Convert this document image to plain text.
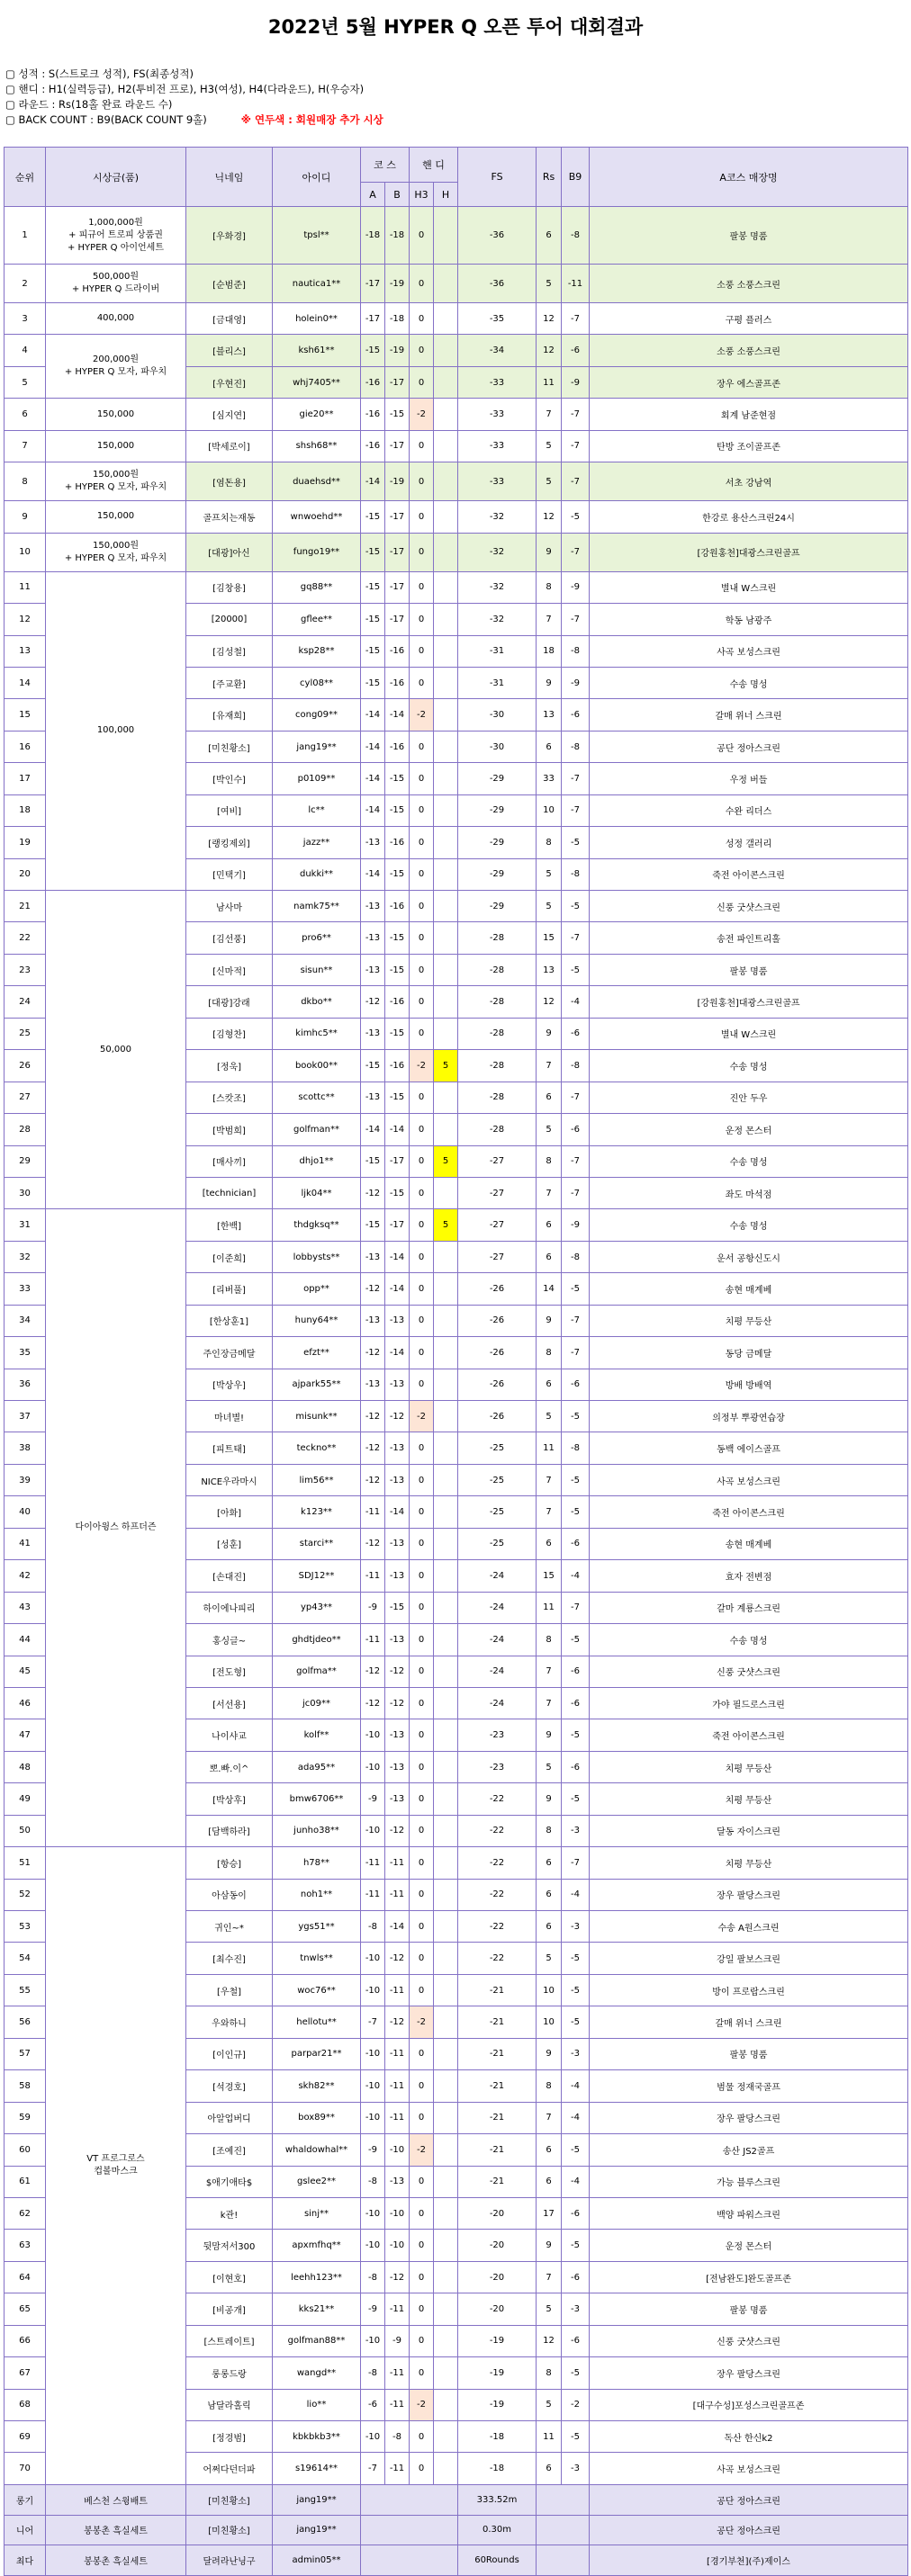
2022년 5월 HYPER Q 오픈 투어 대회결과
▢ 성적 : S(스트로크 성적), FS(최종성적)
▢ 핸디 : H1(실력등급), H2(투비전 프로), H3(여성), H4(다라운드), H(우승자)
▢ 라운드 : Rs(18홀 완료 라운드 수)
▢ BACK COUNT : B9(BACK COUNT 9홀)	※ 연두색 : 회원매장 추가 시상
순위	시상금(품)	닉네임	아이디	코 스		핸 디		FS	Rs	B9	A코스 매장명
				A	B	H3	H				
1	1,000,000원
+ 피규어 트로피 상품권
+ HYPER Q 아이언세트	[우화경]	tpsl**	-18	-18	0		-36	6	-8	팔봉 명품
2	500,000원
+ HYPER Q 드라이버	[순범준]	nautica1**	-17	-19	0		-36	5	-11	소풍 소풍스크린
3	400,000	[금대영]	holein0**	-17	-18	0		-35	12	-7	구평 플러스
4	200,000원
+ HYPER Q 모자, 파우치	[블리스]	ksh61**	-15	-19	0		-34	12	-6	소풍 소풍스크린
5		[우현진]	whj7405**	-16	-17	0		-33	11	-9	장우 에스골프존
6	150,000	[심지연]	gie20**	-16	-15	-2		-33	7	-7	회계 남준현점
7	150,000	[박세로이]	shsh68**	-16	-17	0		-33	5	-7	탄방 조이골프존
8	150,000원
+ HYPER Q 모자, 파우치	[염돈용]	duaehsd**	-14	-19	0		-33	5	-7	서초 강남역
9	150,000	골프치는재동	wnwoehd**	-15	-17	0		-32	12	-5	한강로 용산스크린24시
10	150,000원
+ HYPER Q 모자, 파우치	[대광]아신	fungo19**	-15	-17	0		-32	9	-7	[강원홍천]대광스크린골프
11	100,000	[김창용]	gq88**	-15	-17	0		-32	8	-9	별내 W스크린
12		[20000]	gflee**	-15	-17	0		-32	7	-7	학동 남광주
13		[김성철]	ksp28**	-15	-16	0		-31	18	-8	사곡 보성스크린
14		[주교환]	cyl08**	-15	-16	0		-31	9	-9	수송 명성
15		[유재희]	cong09**	-14	-14	-2		-30	13	-6	갈매 위너 스크린
16		[미친황소]	jang19**	-14	-16	0		-30	6	-8	공단 정아스크린
17		[박인수]	p0109**	-14	-15	0		-29	33	-7	우정 버들
18		[여비]	lc**	-14	-15	0		-29	10	-7	수완 리더스
19		[랭킹제외]	jazz**	-13	-16	0		-29	8	-5	성정 갤러리
20		[민택기]	dukki**	-14	-15	0		-29	5	-8	죽전 아이콘스크린
21	50,000	남사마	namk75**	-13	-16	0		-29	5	-5	신풍 굿샷스크린
22		[김선풍]	pro6**	-13	-15	0		-28	15	-7	송전 파인트리홀
23		[신마적]	sisun**	-13	-15	0		-28	13	-5	팔봉 명품
24		[대광]강래	dkbo**	-12	-16	0		-28	12	-4	[강원홍천]대광스크린골프
25		[김형찬]	kimhc5**	-13	-15	0		-28	9	-6	별내 W스크린
26		[정욱]	book00**	-15	-16	-2	5	-28	7	-8	수송 명성
27		[스캇조]	scottc**	-13	-15	0		-28	6	-7	진안 두우
28		[박범희]	golfman**	-14	-14	0		-28	5	-6	운정 몬스터
29		[매사끼]	dhjo1**	-15	-17	0	5	-27	8	-7	수송 명성
30		[technician]	ljk04**	-12	-15	0		-27	7	-7	좌도 마석점
31	다이아윙스 하프더즌	[한백]	thdgksq**	-15	-17	0	5	-27	6	-9	수송 명성
32		[이준희]	lobbysts**	-13	-14	0		-27	6	-8	운서 공항신도시
33		[리버풀]	opp**	-12	-14	0		-26	14	-5	송현 매계베
34		[한상훈1]	huny64**	-13	-13	0		-26	9	-7	치평 무등산
35		주인장금메달	efzt**	-12	-14	0		-26	8	-7	동당 금메달
36		[박상우]	ajpark55**	-13	-13	0		-26	6	-6	방배 방배역
37		마녀별!	misunk**	-12	-12	-2		-26	5	-5	의정부 뿌광연습장
38		[피트태]	teckno**	-12	-13	0		-25	11	-8	동백 에이스골프
39		NICE우라마시	lim56**	-12	-13	0		-25	7	-5	사곡 보성스크린
40		[아화]	k123**	-11	-14	0		-25	7	-5	죽전 아이콘스크린
41		[성훈]	starci**	-12	-13	0		-25	6	-6	송현 매계베
42		[손대진]	SDJ12**	-11	-13	0		-24	15	-4	효자 전변점
43		하이에나피리	yp43**	-9	-15	0		-24	11	-7	갈마 계룡스크린
44		홍싱글~	ghdtjdeo**	-11	-13	0		-24	8	-5	수송 명성
45		[전도형]	golfma**	-12	-12	0		-24	7	-6	신풍 굿샷스크린
46		[서선용]	jc09**	-12	-12	0		-24	7	-6	가야 필드로스크린
47		나이샤교	kolf**	-10	-13	0		-23	9	-5	죽전 아이콘스크린
48		뽀.빠.이^	ada95**	-10	-13	0		-23	5	-6	치평 무등산
49		[박상후]	bmw6706**	-9	-13	0		-22	9	-5	치평 무등산
50		[담백하라]	junho38**	-10	-12	0		-22	8	-3	달동 자이스크린
51	VT 프로그로스
컵볼마스크	[항승]	h78**	-11	-11	0		-22	6	-7	치평 무등산
52		아삼동이	noh1**	-11	-11	0		-22	6	-4	장우 팔당스크린
53		귀인~*	ygs51**	-8	-14	0		-22	6	-3	수송 A원스크린
54		[최수진]	tnwls**	-10	-12	0		-22	5	-5	강일 팔보스크린
55		[우철]	woc76**	-10	-11	0		-21	10	-5	방이 프로랍스크린
56		우와하니	hellotu**	-7	-12	-2		-21	10	-5	갈매 위너 스크린
57		[이인규]	parpar21**	-10	-11	0		-21	9	-3	팔봉 명품
58		[석경호]	skh82**	-10	-11	0		-21	8	-4	범물 정재국골프
59		아알업버디	box89**	-10	-11	0		-21	7	-4	장우 팔당스크린
60		[조예진]	whaldowhal**	-9	-10	-2		-21	6	-5	송산 JS2골프
61		$애기애타$	gslee2**	-8	-13	0		-21	6	-4	가능 블루스크린
62		k관!	sinj**	-10	-10	0		-20	17	-6	백양 파워스크린
63		뒷맘저서300	apxmfhq**	-10	-10	0		-20	9	-5	운정 몬스터
64		[이현호]	leehh123**	-8	-12	0		-20	7	-6	[전남완도]완도골프존
65		[비공개]	kks21**	-9	-11	0		-20	5	-3	팔봉 명품
66		[스트레이트]	golfman88**	-10	-9	0		-19	12	-6	신풍 굿샷스크린
67		롱롱드랑	wangd**	-8	-11	0		-19	8	-5	장우 팔당스크린
68		남달라홀릭	lio**	-6	-11	-2		-19	5	-2	[대구수성]포성스크린골프존
69		[정경범]	kbkbkb3**	-10	-8	0		-18	11	-5	독산 한신k2
70		어쩌다던더파	s19614**	-7	-11	0		-18	6	-3	사곡 보성스크린
롱기	베스천 스윙배트	[미친황소]	jang19**					333.52m			공단 정아스크린
니어	봉봉촌 흑실세트	[미친황소]	jang19**					0.30m			공단 정아스크린
최다	봉봉촌 흑실세트	달려라난닝구	admin05**					60Rounds			[경기부천](주)제이스
